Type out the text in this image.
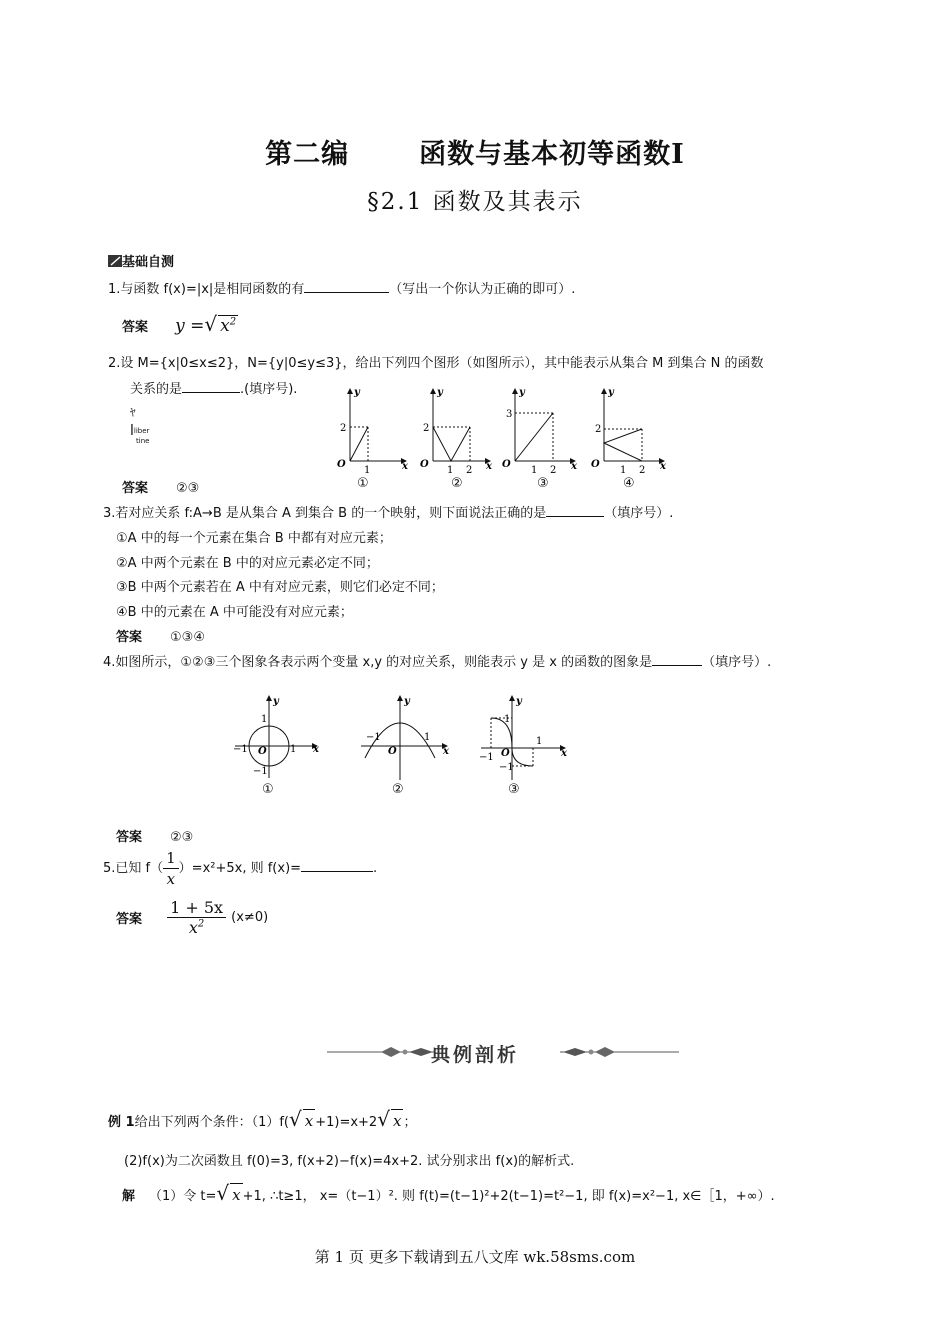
第二编	函数与基本初等函数Ⅰ
§2.1 函数及其表示
基础自测
1.与函数 f(x)=|x|是相同函数的有	（写出一个你认为正确的即可）.
答案 y =√ $x^2$
2.设 M={x|0≤x≤2}，N={y|0≤y≤3}，给出下列四个图形（如图所示），其中能表示从集合 M 到集合 N 的函数
关系的是	.(填序号).
ﾔ
$l^{liber}$
tine
y
x
O
2
1
y
x
O
2
1 2
y
x
O
3
1 2
y
x
O
2
1 2
①	②	③	④
答案 ②③
3.若对应关系 f:A→B 是从集合 A 到集合 B 的一个映射，则下面说法正确的是	（填序号）.
①A 中的每一个元素在集合 B 中都有对应元素；
②A 中两个元素在 B 中的对应元素必定不同；
③B 中两个元素若在 A 中有对应元素，则它们必定不同；
④B 中的元素在 A 中可能没有对应元素；
答案 ①③④
4.如图所示，①②③三个图象各表示两个变量 x,y 的对应关系，则能表示 y 是 x 的函数的图象是	（填序号）.
y
x
O
1
−1	1
−1
y
x
O
−1	1
y
x
O
1
−1
1
−1
①	②	③
答案 ②③
5.已知 $f( \frac{1}{x} )=x^2+5x$, 则 f(x)=	.
答案 $\frac{1 + 5x}{x^2} (x\ne 0)$
典例剖析
例 1给出下列两个条件：（1）f(√ x +1)=x+2√ x ；
(2)f(x)为二次函数且 f(0)=3, f(x+2)−f(x)=4x+2. 试分别求出 f(x)的解析式.
解 （1）令 t=√ x +1, ∴t≥1， x=（t−1）². 则 f(t)=(t−1)²+2(t−1)=t²−1, 即 f(x)=x²−1, x∈［1，+∞）.
第 1 页 更多下载请到五八文库 wk.58sms.com
